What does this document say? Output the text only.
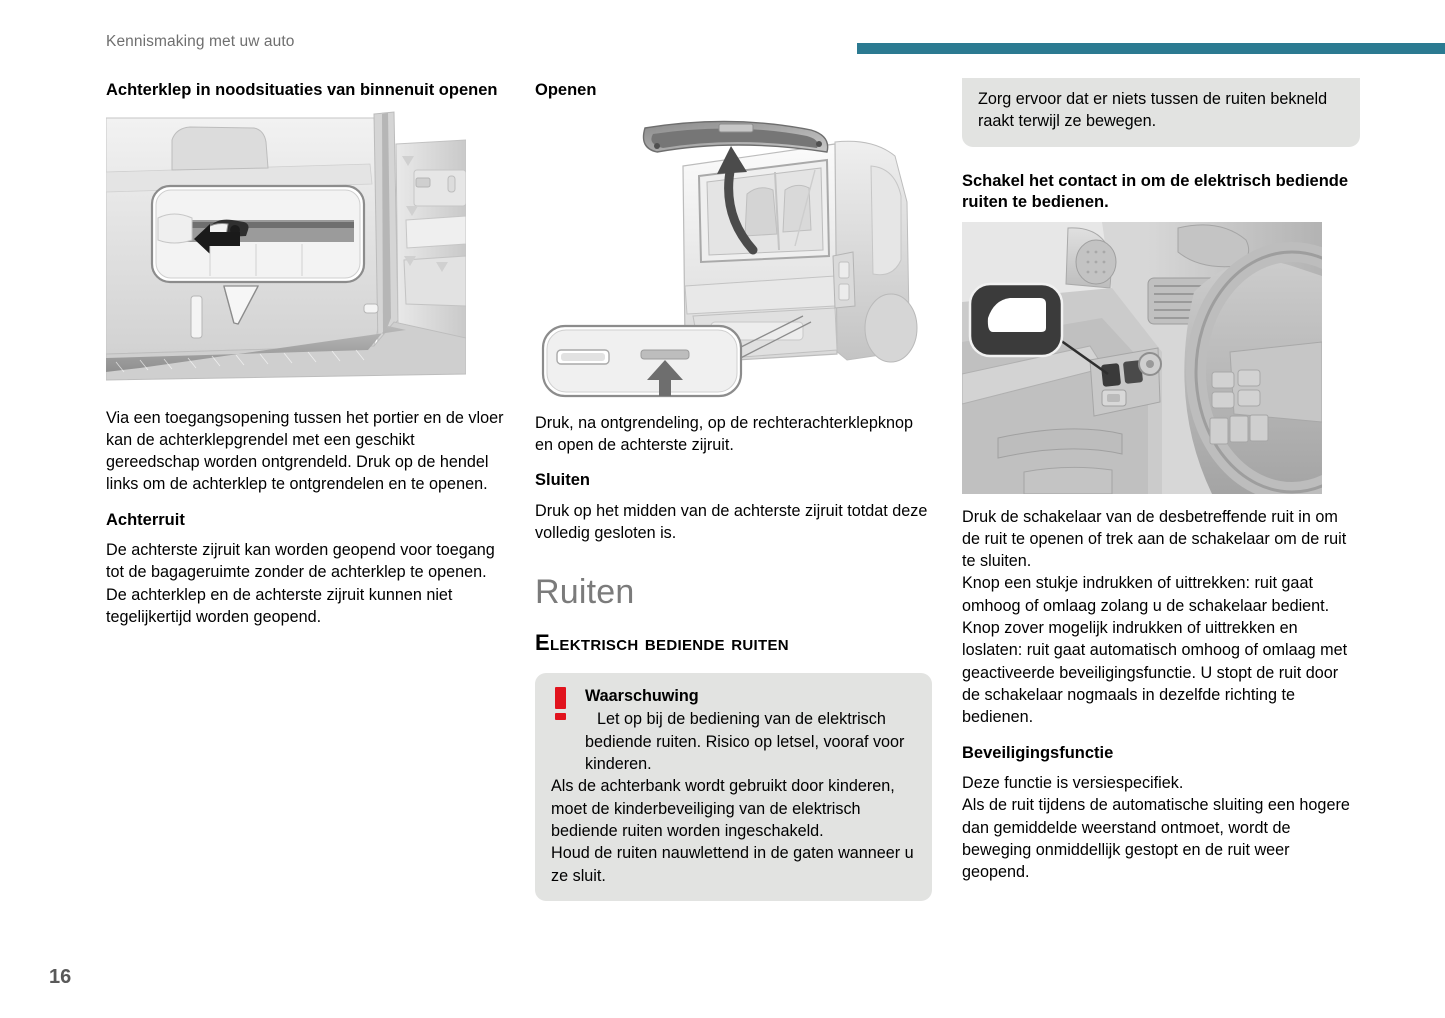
Kennismaking met uw auto
16
Achterklep in noodsituaties van binnenuit openen

Via een toegangsopening tussen het portier en de vloer kan de achterklepgrendel met een geschikt gereedschap worden ontgrendeld. Druk op de hendel links om de achterklep te ontgrendelen en te openen.

Achterruit

De achterste zijruit kan worden geopend voor toegang tot de bagageruimte zonder de achterklep te openen. De achterklep en de achterste zijruit kunnen niet tegelijkertijd worden geopend.

Openen

Druk, na ontgrendeling, op de rechterachterklepknop en open de achterste zijruit.

Sluiten

Druk op het midden van de achterste zijruit totdat deze volledig gesloten is.

Ruiten
Elektrisch bediende ruiten
Waarschuwing
Let op bij de bediening van de elektrisch bediende ruiten. Risico op letsel, vooraf voor kinderen.
Als de achterbank wordt gebruikt door kinderen, moet de kinderbeveiliging van de elektrisch bediende ruiten worden ingeschakeld.
Houd de ruiten nauwlettend in de gaten wanneer u ze sluit.
Zorg ervoor dat er niets tussen de ruiten bekneld raakt terwijl ze bewegen.
Schakel het contact in om de elektrisch bediende ruiten te bedienen.

Druk de schakelaar van de desbetreffende ruit in om de ruit te openen of trek aan de schakelaar om de ruit te sluiten.

Knop een stukje indrukken of uittrekken: ruit gaat omhoog of omlaag zolang u de schakelaar bedient.

Knop zover mogelijk indrukken of uittrekken en loslaten: ruit gaat automatisch omhoog of omlaag met geactiveerde beveiligingsfunctie. U stopt de ruit door de schakelaar nogmaals in dezelfde richting te bedienen.

Beveiligingsfunctie

Deze functie is versiespecifiek.

Als de ruit tijdens de automatische sluiting een hogere dan gemiddelde weerstand ontmoet, wordt de beweging onmiddellijk gestopt en de ruit weer geopend.
